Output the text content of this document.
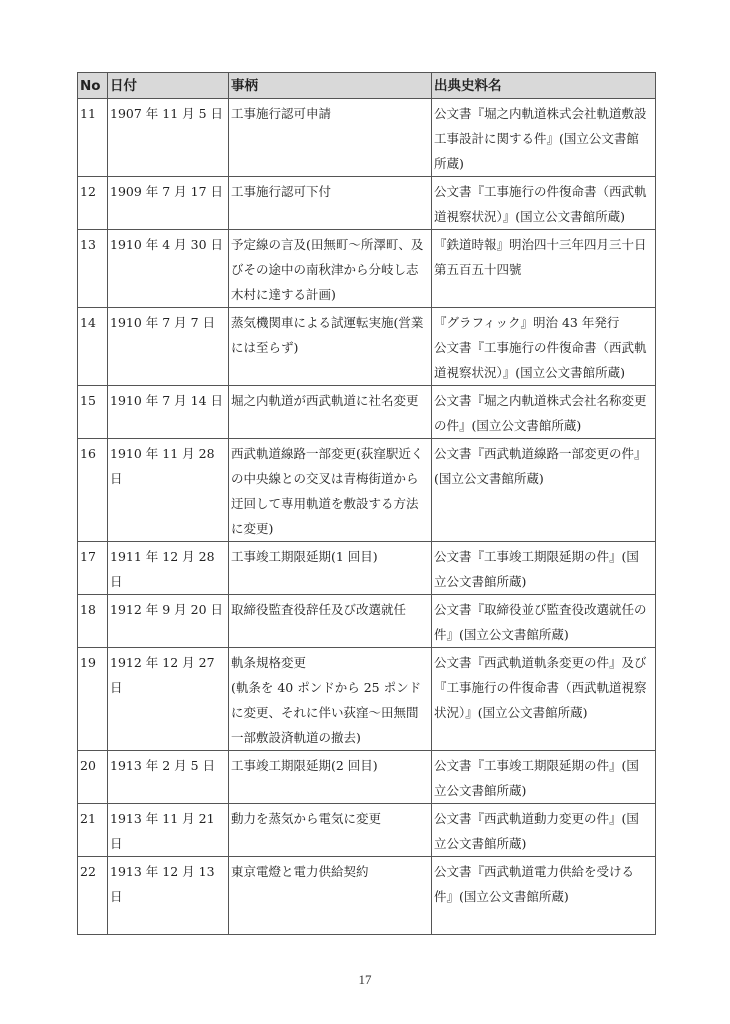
No	日付	事柄	出典史料名
11	1907 年 11 月 5 日	工事施行認可申請	公文書『堀之内軌道株式会社軌道敷設
工事設計に関する件』(国立公文書館
所蔵)

12	1909 年 7 月 17 日	工事施行認可下付	公文書『工事施行の件復命書（西武軌
道視察状況）』(国立公文書館所蔵)

13	1910 年 4 月 30 日	予定線の言及(田無町～所澤町、及
びその途中の南秋津から分岐し志
木村に達する計画)	『鉄道時報』明治四十三年四月三十日
第五百五十四號

14	1910 年 7 月 7 日	蒸気機関車による試運転実施(営業
には至らず)	『グラフィック』明治 43 年発行
公文書『工事施行の件復命書（西武軌
道視察状況）』(国立公文書館所蔵)

15	1910 年 7 月 14 日	堀之内軌道が西武軌道に社名変更	公文書『堀之内軌道株式会社名称変更
の件』(国立公文書館所蔵)

16	1910 年 11 月 28 日	西武軌道線路一部変更(荻窪駅近く
の中央線との交叉は青梅街道から
迂回して専用軌道を敷設する方法
に変更)	公文書『西武軌道線路一部変更の件』
(国立公文書館所蔵)

17	1911 年 12 月 28 日	工事竣工期限延期(1 回目)	公文書『工事竣工期限延期の件』(国
立公文書館所蔵)

18	1912 年 9 月 20 日	取締役監査役辞任及び改選就任	公文書『取締役並び監査役改選就任の
件』(国立公文書館所蔵)

19	1912 年 12 月 27 日	軌条規格変更
(軌条を 40 ポンドから 25 ポンド
に変更、それに伴い荻窪～田無間
一部敷設済軌道の撤去)	公文書『西武軌道軌条変更の件』及び
『工事施行の件復命書（西武軌道視察
状況）』(国立公文書館所蔵)

20	1913 年 2 月 5 日	工事竣工期限延期(2 回目)	公文書『工事竣工期限延期の件』(国
立公文書館所蔵)

21	1913 年 11 月 21 日	動力を蒸気から電気に変更	公文書『西武軌道動力変更の件』(国
立公文書館所蔵)

22	1913 年 12 月 13 日	東京電燈と電力供給契約	公文書『西武軌道電力供給を受ける
件』(国立公文書館所蔵)

17
